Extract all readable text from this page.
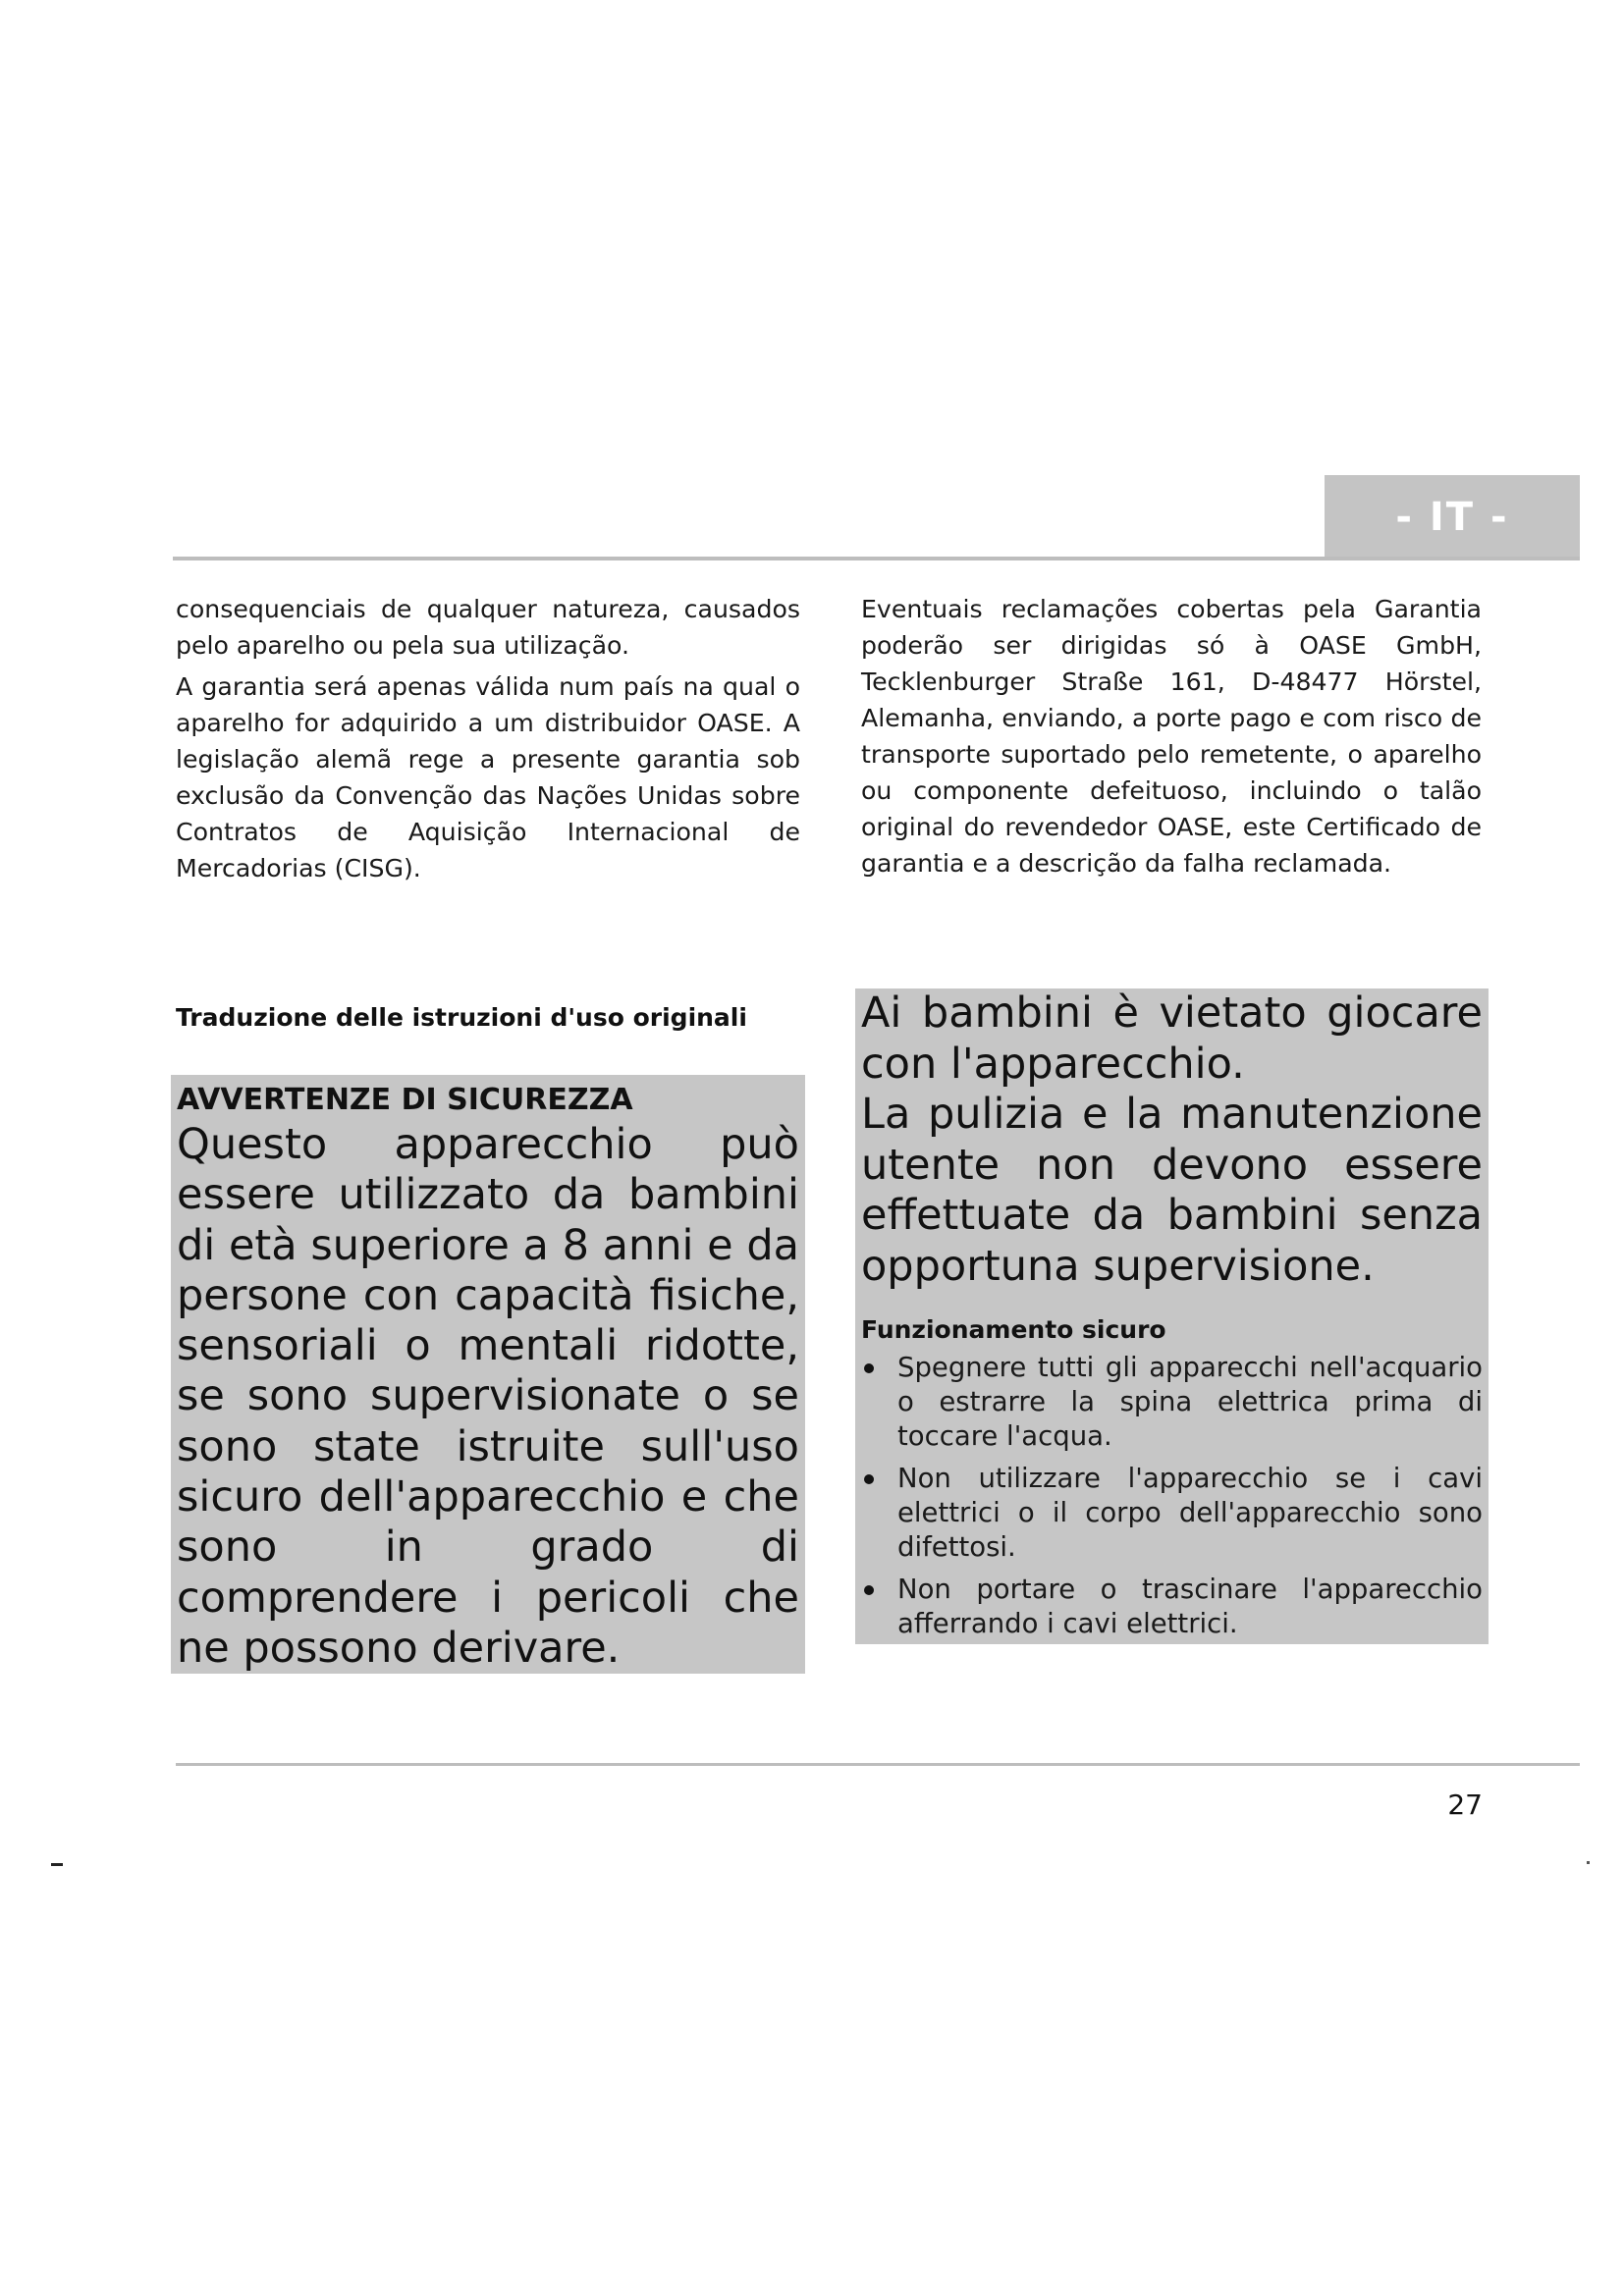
- IT -

consequenciais de qualquer natureza, causados pelo aparelho ou pela sua utilização.

A garantia será apenas válida num país na qual o aparelho for adquirido a um distribuidor OASE. A legislação alemã rege a presente garantia sob exclusão da Convenção das Nações Unidas sobre Contratos de Aquisição Internacional de Mercadorias (CISG).

Eventuais reclamações cobertas pela Garantia poderão ser dirigidas só à OASE GmbH, Tecklenburger Straße 161, D-48477 Hörstel, Alemanha, enviando, a porte pago e com risco de transporte suportado pelo remetente, o aparelho ou componente defeituoso, incluindo o talão original do revendedor OASE, este Certificado de garantia e a descrição da falha reclamada.

Traduzione delle istruzioni d'uso originali

AVVERTENZE DI SICUREZZA

Questo apparecchio può essere utilizzato da bambini di età superiore a 8 anni e da persone con capacità fisiche, sensoriali o mentali ridotte, se sono supervisionate o se sono state istruite sull'uso sicuro dell'apparecchio e che sono in grado di comprendere i pericoli che ne possono derivare.

Ai bambini è vietato giocare con l'apparecchio.

La pulizia e la manutenzione utente non devono essere effettuate da bambini senza opportuna supervisione.

Funzionamento sicuro

Spegnere tutti gli apparecchi nell'acquario o estrarre la spina elettrica prima di toccare l'acqua.
Non utilizzare l'apparecchio se i cavi elettrici o il corpo dell'apparecchio sono difettosi.
Non portare o trascinare l'apparecchio afferrando i cavi elettrici.
27
